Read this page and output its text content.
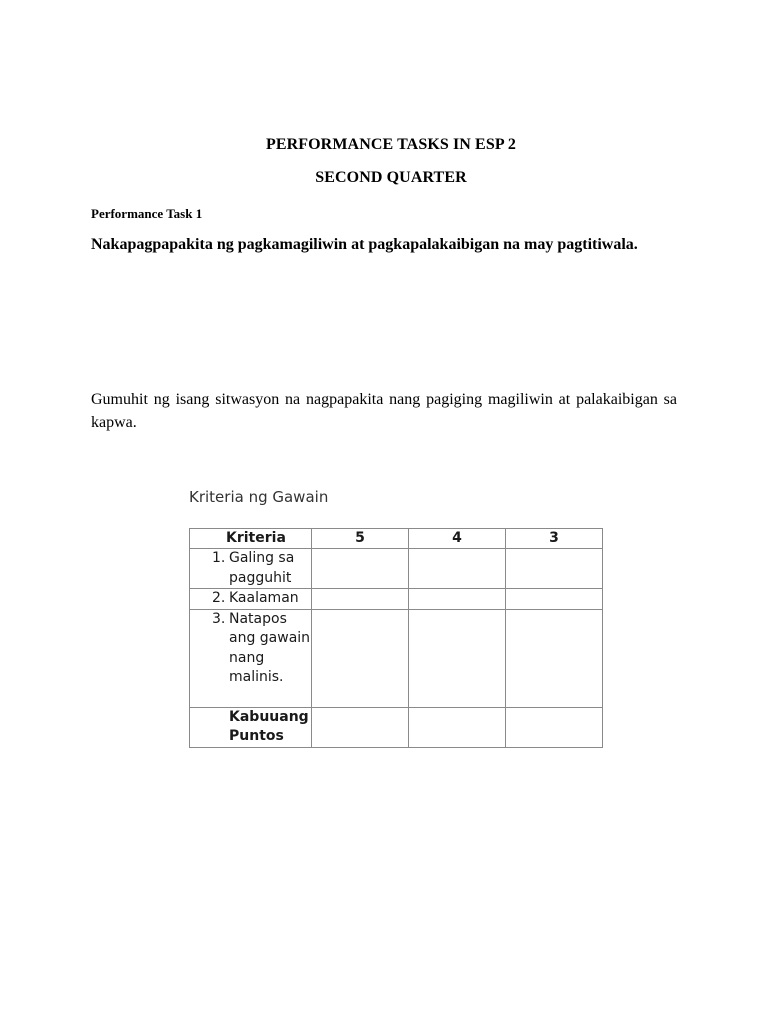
PERFORMANCE TASKS IN ESP 2
SECOND QUARTER
Performance Task 1
Nakapagpapakita ng pagkamagiliwin at pagkapalakaibigan na may pagtitiwala.
Gumuhit ng isang sitwasyon na nagpapakita nang pagiging magiliwin at palakaibigan sa kapwa.
Kriteria ng Gawain
Kriteria	5	4	3

1. Galing sa pagguhit			

2. Kaalaman			

3. Natapos ang gawain nang malinis.			

Kabuuang Puntos			
